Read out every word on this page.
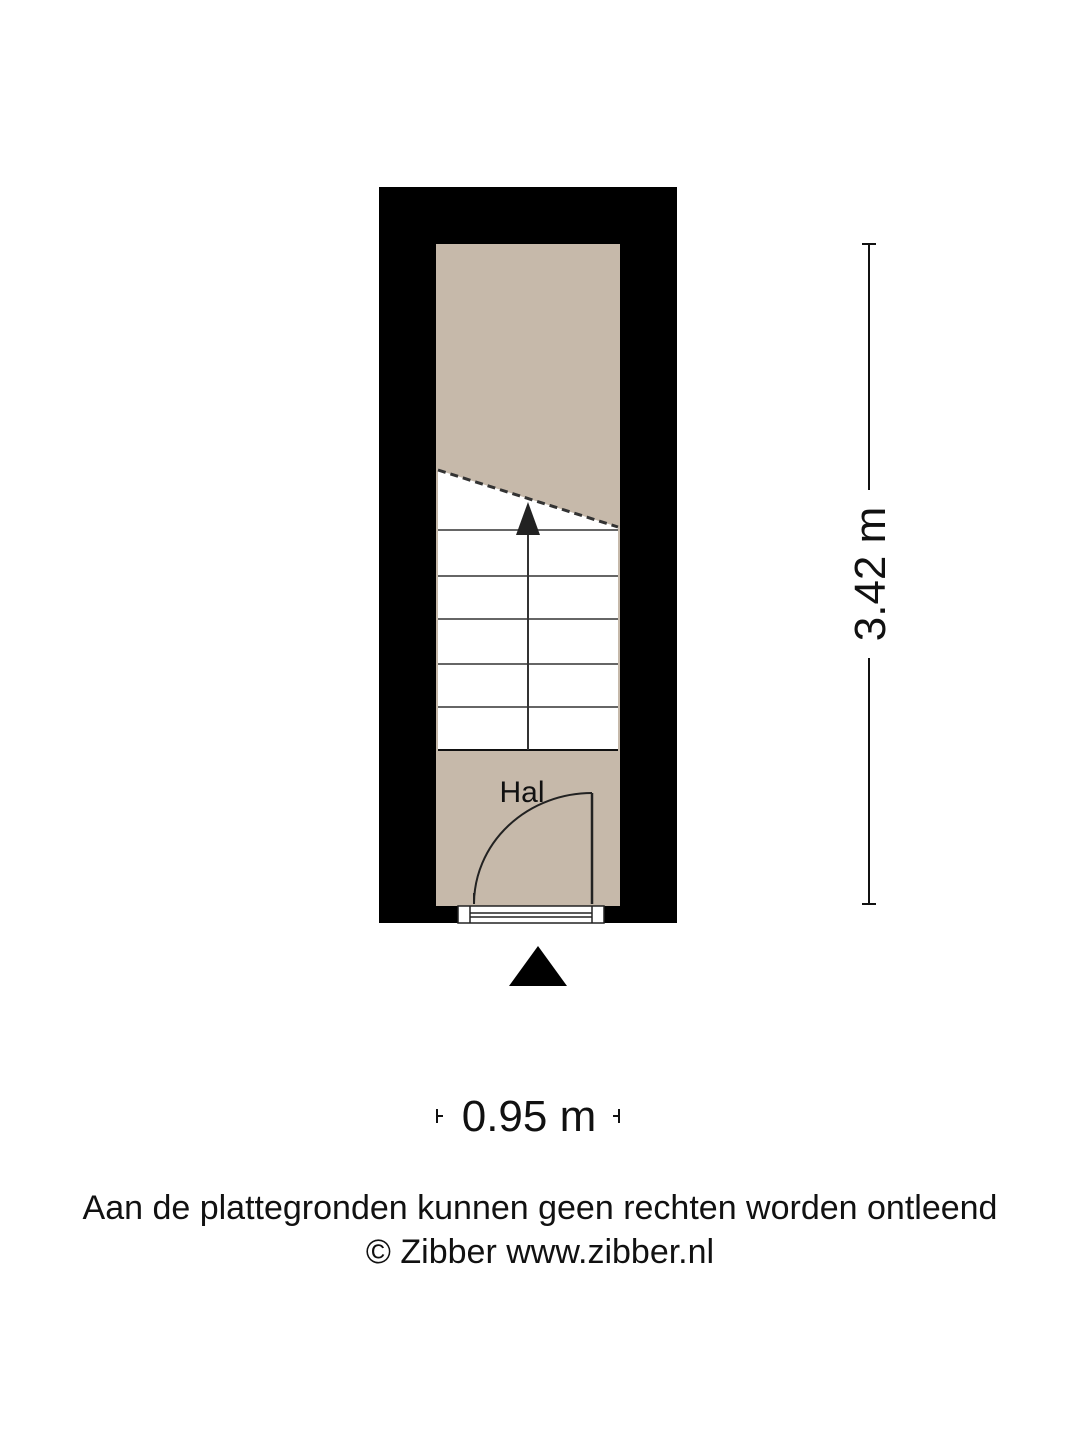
Hal
3.42 m
0.95 m
Aan de plattegronden kunnen geen rechten worden ontleend
© Zibber www.zibber.nl
